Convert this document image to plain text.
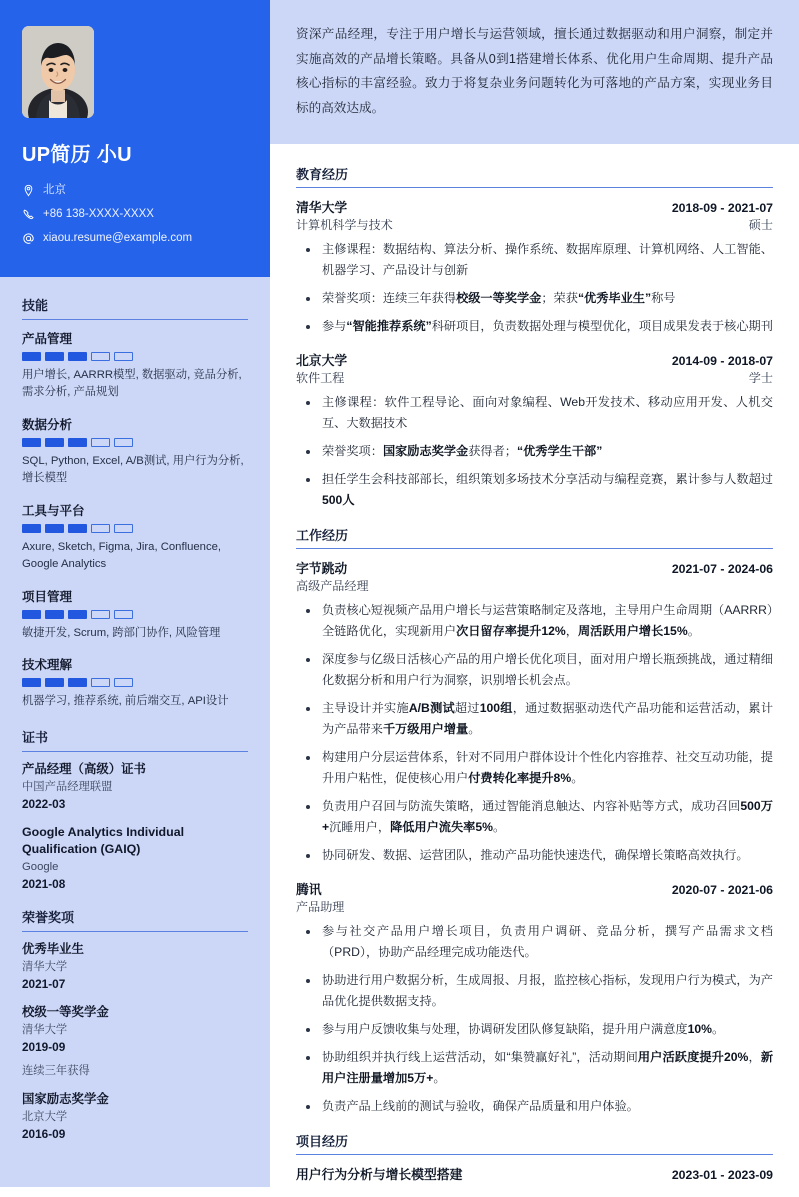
UP简历 小U
北京
+86 138-XXXX-XXXX
xiaou.resume@example.com
技能
产品管理
用户增长, AARRR模型, 数据驱动, 竞品分析, 需求分析, 产品规划
数据分析
SQL, Python, Excel, A/B测试, 用户行为分析, 增长模型
工具与平台
Axure, Sketch, Figma, Jira, Confluence, Google Analytics
项目管理
敏捷开发, Scrum, 跨部门协作, 风险管理
技术理解
机器学习, 推荐系统, 前后端交互, API设计
证书
产品经理（高级）证书
中国产品经理联盟
2022-03
Google Analytics Individual Qualification (GAIQ)
Google
2021-08
荣誉奖项
优秀毕业生
清华大学
2021-07
校级一等奖学金
清华大学
2019-09
连续三年获得
国家励志奖学金
北京大学
2016-09

资深产品经理，专注于用户增长与运营领域，擅长通过数据驱动和用户洞察，制定并实施高效的产品增长策略。具备从0到1搭建增长体系、优化用户生命周期、提升产品核心指标的丰富经验。致力于将复杂业务问题转化为可落地的产品方案，实现业务目标的高效达成。

教育经历
清华大学	2018-09 - 2021-07
计算机科学与技术	硕士
主修课程：数据结构、算法分析、操作系统、数据库原理、计算机网络、人工智能、机器学习、产品设计与创新
荣誉奖项：连续三年获得校级一等奖学金；荣获“优秀毕业生”称号
参与“智能推荐系统”科研项目，负责数据处理与模型优化，项目成果发表于核心期刊
北京大学	2014-09 - 2018-07
软件工程	学士
主修课程：软件工程导论、面向对象编程、Web开发技术、移动应用开发、人机交互、大数据技术
荣誉奖项：国家励志奖学金获得者；“优秀学生干部”
担任学生会科技部部长，组织策划多场技术分享活动与编程竞赛，累计参与人数超过500人
工作经历
字节跳动	2021-07 - 2024-06
高级产品经理
负责核心短视频产品用户增长与运营策略制定及落地，主导用户生命周期（AARRR）全链路优化，实现新用户次日留存率提升12%，周活跃用户增长15%。
深度参与亿级日活核心产品的用户增长优化项目，面对用户增长瓶颈挑战，通过精细化数据分析和用户行为洞察，识别增长机会点。
主导设计并实施A/B测试超过100组，通过数据驱动迭代产品功能和运营活动，累计为产品带来千万级用户增量。
构建用户分层运营体系，针对不同用户群体设计个性化内容推荐、社交互动功能，提升用户粘性，促使核心用户付费转化率提升8%。
负责用户召回与防流失策略，通过智能消息触达、内容补贴等方式，成功召回500万+沉睡用户，降低用户流失率5%。
协同研发、数据、运营团队，推动产品功能快速迭代，确保增长策略高效执行。
腾讯	2020-07 - 2021-06
产品助理
参与社交产品用户增长项目，负责用户调研、竞品分析，撰写产品需求文档（PRD），协助产品经理完成功能迭代。
协助进行用户数据分析，生成周报、月报，监控核心指标，发现用户行为模式，为产品优化提供数据支持。
参与用户反馈收集与处理，协调研发团队修复缺陷，提升用户满意度10%。
协助组织并执行线上运营活动，如“集赞赢好礼”，活动期间用户活跃度提升20%，新用户注册量增加5万+。
负责产品上线前的测试与验收，确保产品质量和用户体验。
项目经历
用户行为分析与增长模型搭建	2023-01 - 2023-09
